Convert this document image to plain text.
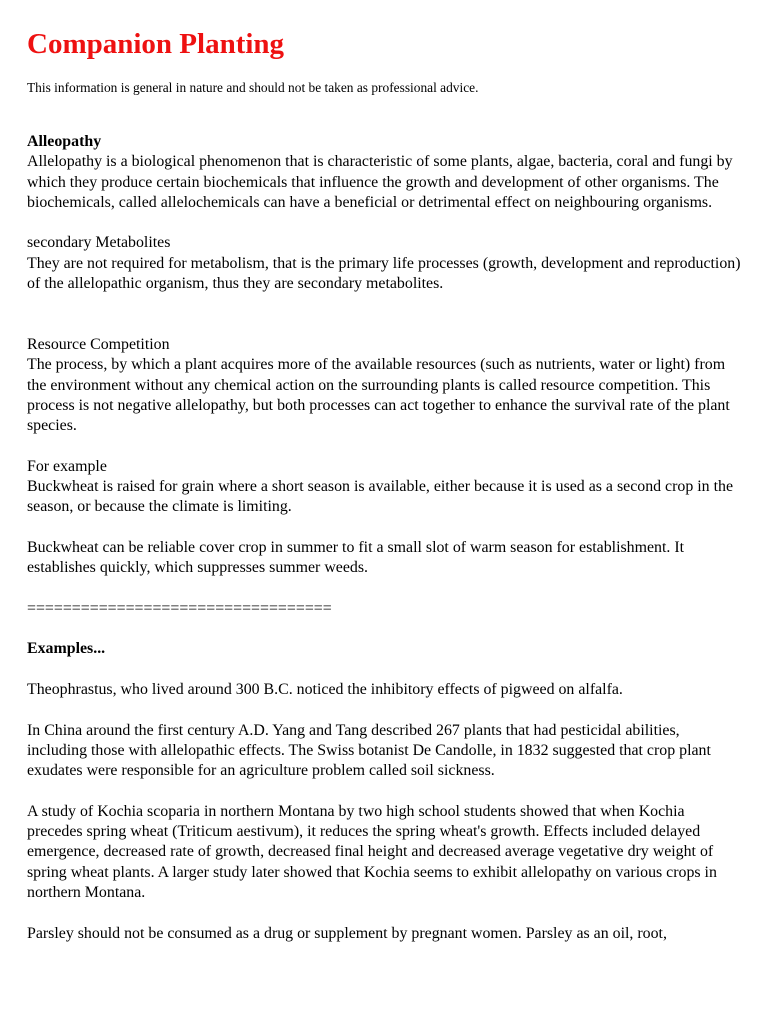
Companion Planting
This information is general in nature and should not be taken as professional advice.

Alleopathy

Allelopathy is a biological phenomenon that is characteristic of some plants, algae, bacteria, coral and fungi by which they produce certain biochemicals that influence the growth and development of other organisms. The biochemicals, called allelochemicals can have a beneficial or detrimental effect on neighbouring organisms.

secondary Metabolites

They are not required for metabolism, that is the primary life processes (growth, development and reproduction) of the allelopathic organism, thus they are secondary metabolites.

Resource Competition

The process, by which a plant acquires more of the available resources (such as nutrients, water or light) from the environment without any chemical action on the surrounding plants is called resource competition. This process is not negative allelopathy, but both processes can act together to enhance the survival rate of the plant species.

For example

Buckwheat is raised for grain where a short season is available, either because it is used as a second crop in the season, or because the climate is limiting.

Buckwheat can be reliable cover crop in summer to fit a small slot of warm season for establishment. It establishes quickly, which suppresses summer weeds.

==================================

Examples...

Theophrastus, who lived around 300 B.C. noticed the inhibitory effects of pigweed on alfalfa.

In China around the first century A.D. Yang and Tang described 267 plants that had pesticidal abilities, including those with allelopathic effects. The Swiss botanist De Candolle, in 1832 suggested that crop plant exudates were responsible for an agriculture problem called soil sickness.

A study of Kochia scoparia in northern Montana by two high school students showed that when Kochia precedes spring wheat (Triticum aestivum), it reduces the spring wheat's growth. Effects included delayed emergence, decreased rate of growth, decreased final height and decreased average vegetative dry weight of spring wheat plants. A larger study later showed that Kochia seems to exhibit allelopathy on various crops in northern Montana.

Parsley should not be consumed as a drug or supplement by pregnant women. Parsley as an oil, root,
